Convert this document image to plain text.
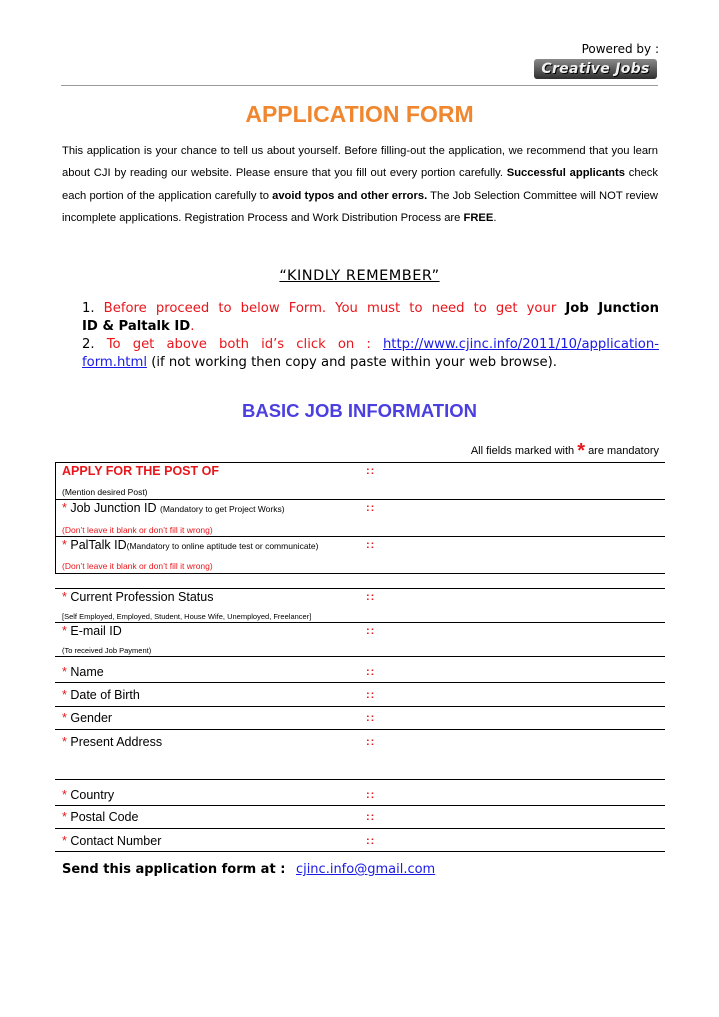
Powered by :
Creative Jobs
APPLICATION FORM
This application is your chance to tell us about yourself. Before filling-out the application, we recommend that you learn about CJI by reading our website. Please ensure that you fill out every portion carefully. Successful applicants check each portion of the application carefully to avoid typos and other errors. The Job Selection Committee will NOT review incomplete applications. Registration Process and Work Distribution Process are FREE.
“KINDLY REMEMBER”
1. Before proceed to below Form. You must to need to get your Job Junction
ID & Paltalk ID.
2. To get above both id’s click on : http://www.cjinc.info/2011/10/application-
form.html (if not working then copy and paste within your web browse).
BASIC JOB INFORMATION
All fields marked with * are mandatory
APPLY FOR THE POST OF	::
(Mention desired Post)
* Job Junction ID (Mandatory to get Project Works)	::
(Don’t leave it blank or don’t fill it wrong)
* PalTalk ID(Mandatory to online aptitude test or communicate)	::
(Don’t leave it blank or don’t fill it wrong)
* Current Profession Status	::
[Self Employed, Employed, Student, House Wife, Unemployed, Freelancer]
* E-mail ID	::
(To received Job Payment)
* Name	::
* Date of Birth	::
* Gender	::
* Present Address	::
* Country	::
* Postal Code	::
* Contact Number	::
Send this application form at : cjinc.info@gmail.com
